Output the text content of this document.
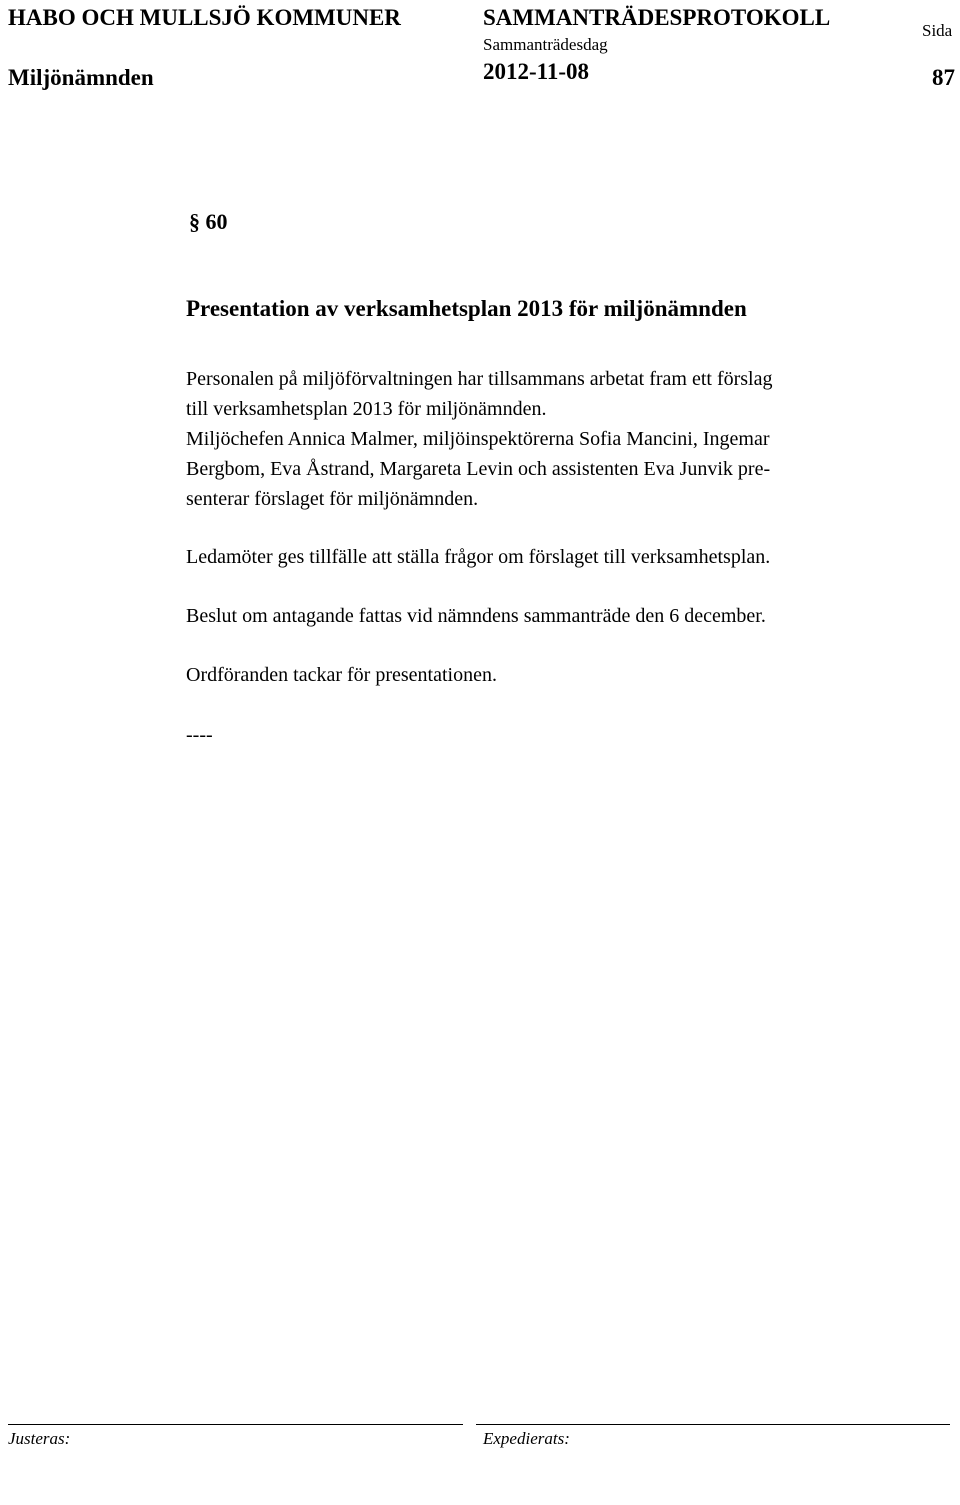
HABO OCH MULLSJÖ KOMMUNER	SAMMANTRÄDESPROTOKOLL
Sida
Miljönämnden
Sammanträdesdag
2012-11-08	87
§ 60
Presentation av verksamhetsplan 2013 för miljönämnden
Personalen på miljöförvaltningen har tillsammans arbetat fram ett förslag
till verksamhetsplan 2013 för miljönämnden.
Miljöchefen Annica Malmer, miljöinspektörerna Sofia Mancini, Ingemar
Bergbom, Eva Åstrand, Margareta Levin och assistenten Eva Junvik pre-
senterar förslaget för miljönämnden.
Ledamöter ges tillfälle att ställa frågor om förslaget till verksamhetsplan.
Beslut om antagande fattas vid nämndens sammanträde den 6 december.
Ordföranden tackar för presentationen.
----
Justeras:	Expedierats:
